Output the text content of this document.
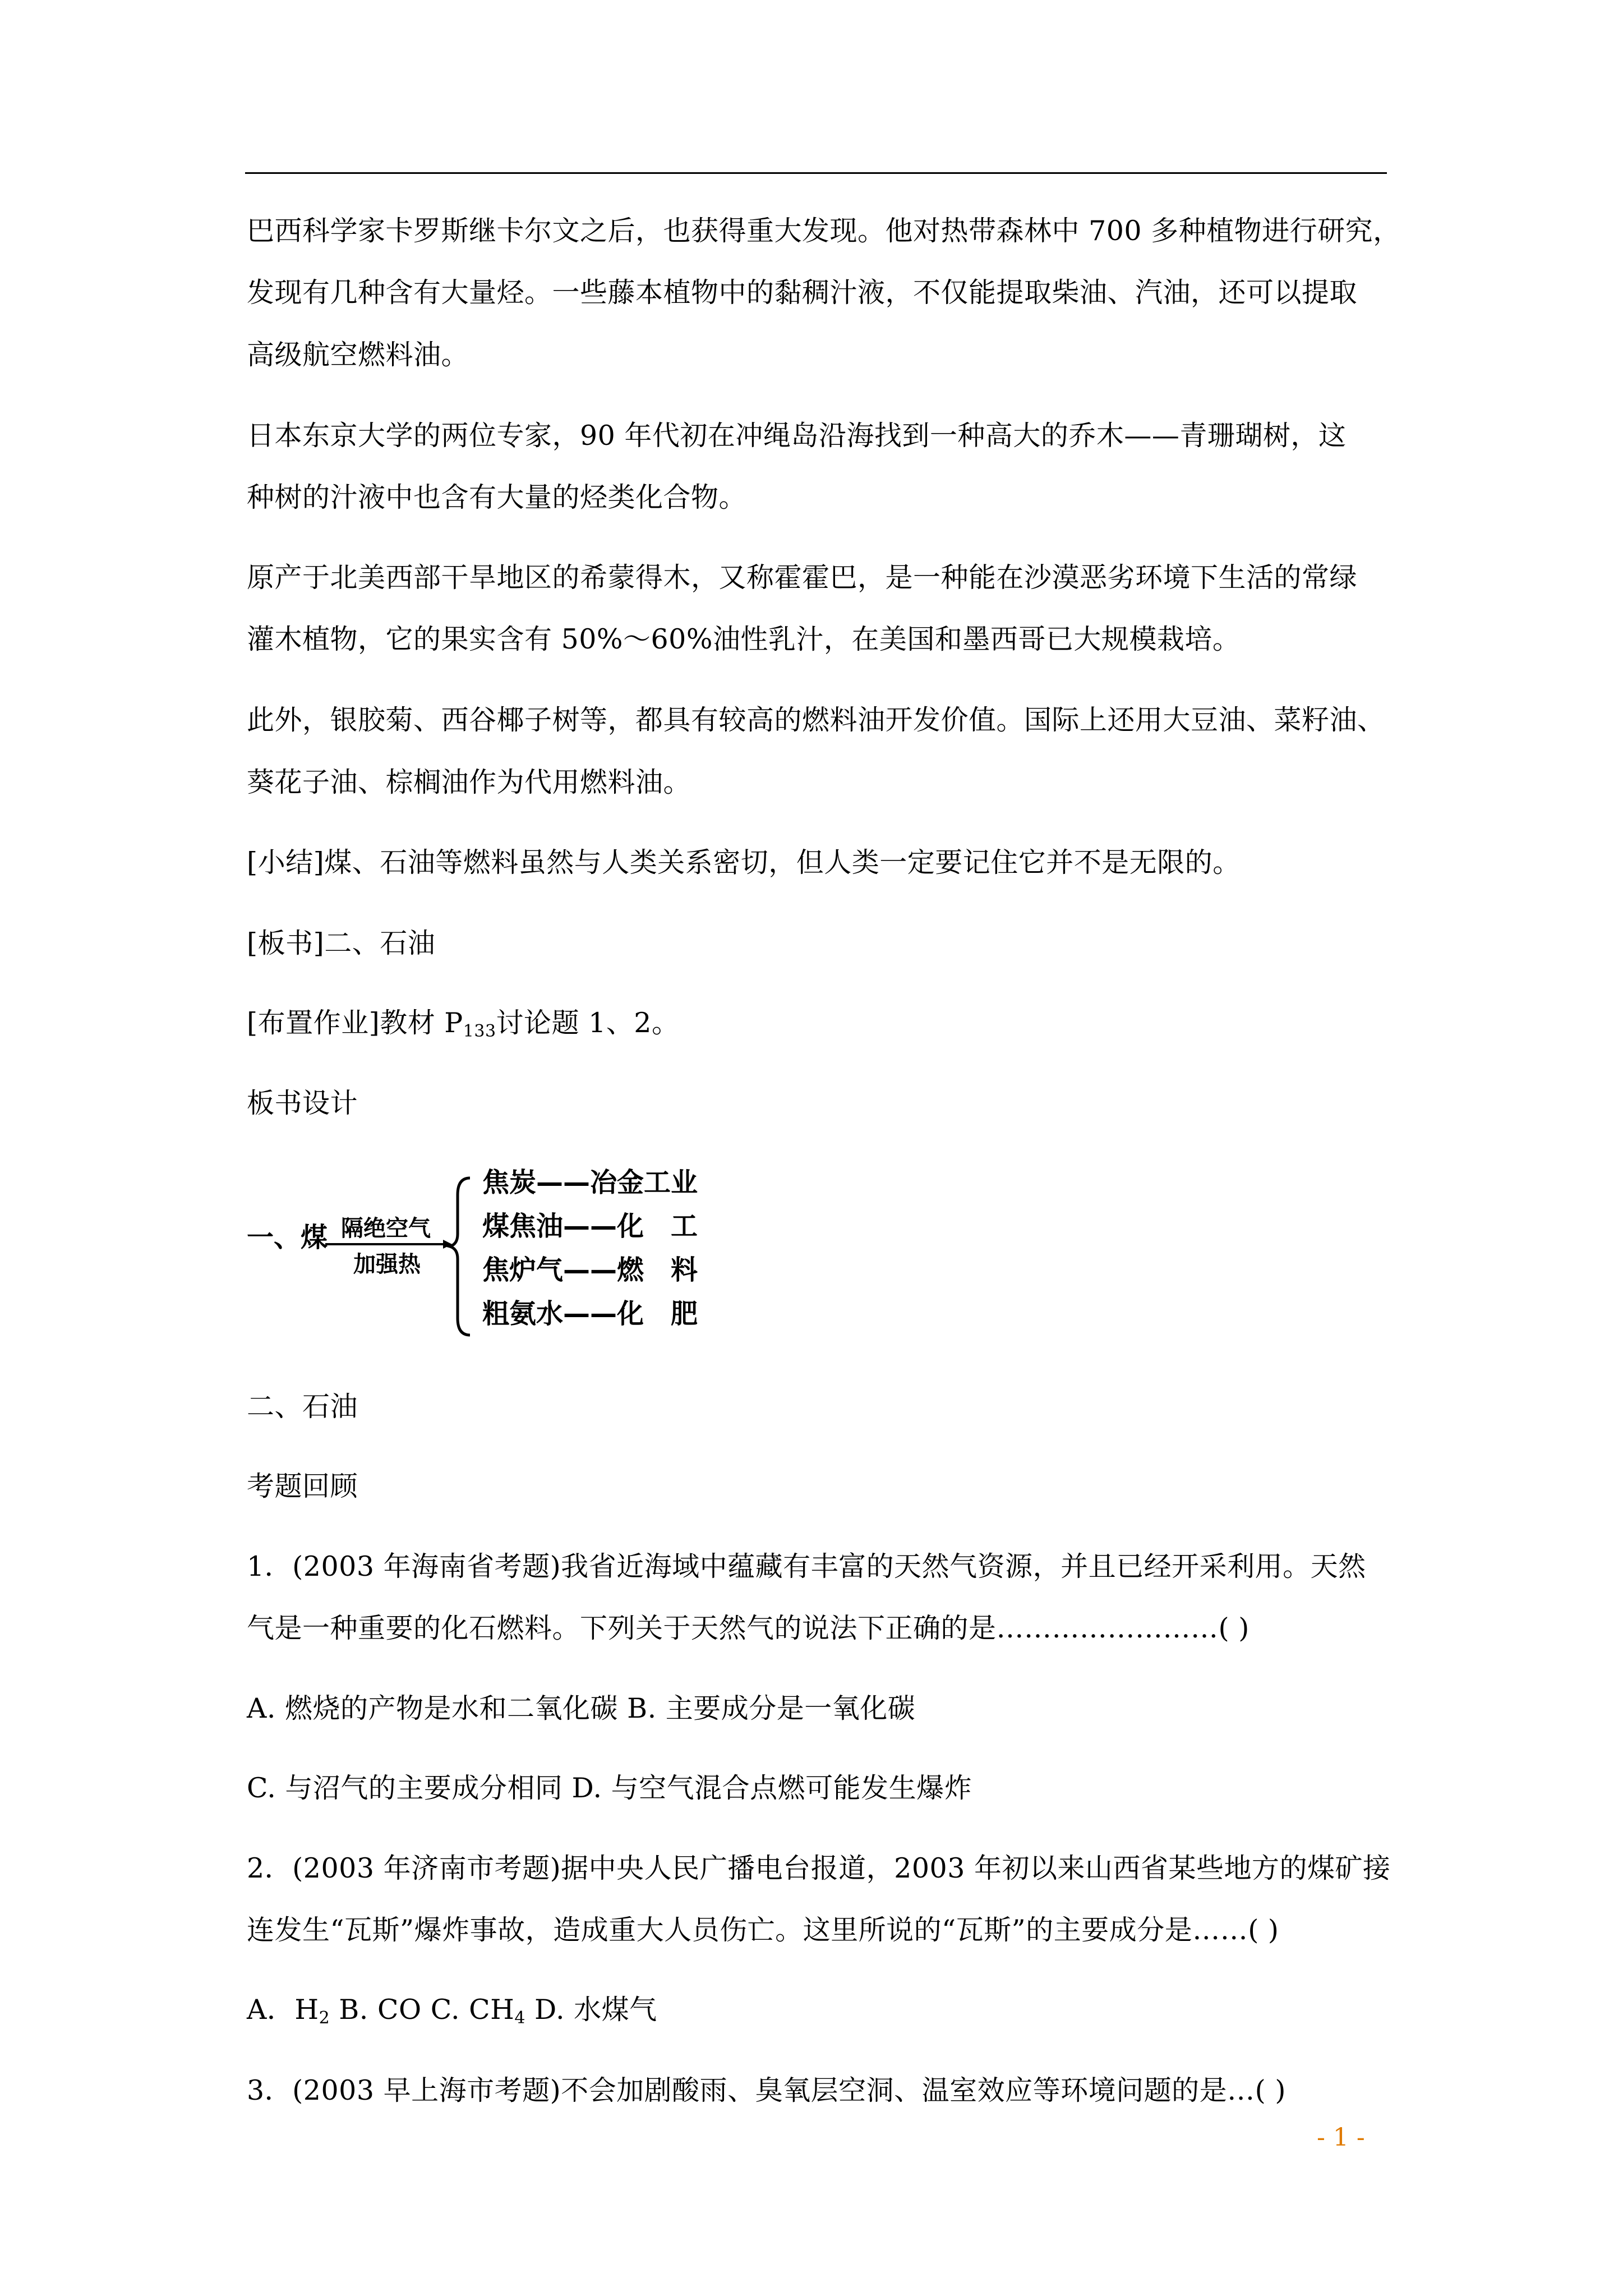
巴西科学家卡罗斯继卡尔文之后，也获得重大发现。他对热带森林中 700 多种植物进行研究，
发现有几种含有大量烃。一些藤本植物中的黏稠汁液，不仅能提取柴油、汽油，还可以提取
高级航空燃料油。
日本东京大学的两位专家，90 年代初在冲绳岛沿海找到一种高大的乔木——青珊瑚树，这
种树的汁液中也含有大量的烃类化合物。
原产于北美西部干旱地区的希蒙得木，又称霍霍巴，是一种能在沙漠恶劣环境下生活的常绿
灌木植物，它的果实含有 50%～60%油性乳汁，在美国和墨西哥已大规模栽培。
此外，银胶菊、西谷椰子树等，都具有较高的燃料油开发价值。国际上还用大豆油、菜籽油、
葵花子油、棕榈油作为代用燃料油。
[小结]煤、石油等燃料虽然与人类关系密切，但人类一定要记住它并不是无限的。
[板书]二、石油
[布置作业]教材 $P_{133}$讨论题 1、2。
板书设计
一、煤 隔绝空气
加强热
焦炭——冶金工业
煤焦油——化　工
焦炉气——燃　料
粗氨水——化　肥
二、石油
考题回顾
1．(2003 年海南省考题)我省近海域中蕴藏有丰富的天然气资源，并且已经开采利用。天然
气是一种重要的化石燃料。下列关于天然气的说法下正确的是……………………( )
A. 燃烧的产物是水和二氧化碳 B. 主要成分是一氧化碳
C. 与沼气的主要成分相同 D. 与空气混合点燃可能发生爆炸
2．(2003 年济南市考题)据中央人民广播电台报道，2003 年初以来山西省某些地方的煤矿接
连发生“瓦斯”爆炸事故，造成重大人员伤亡。这里所说的“瓦斯”的主要成分是……( )
A．$H_2$ B. CO C. $CH_4$ D. 水煤气
3．(2003 早上海市考题)不会加剧酸雨、臭氧层空洞、温室效应等环境问题的是…( )
- 1 -
